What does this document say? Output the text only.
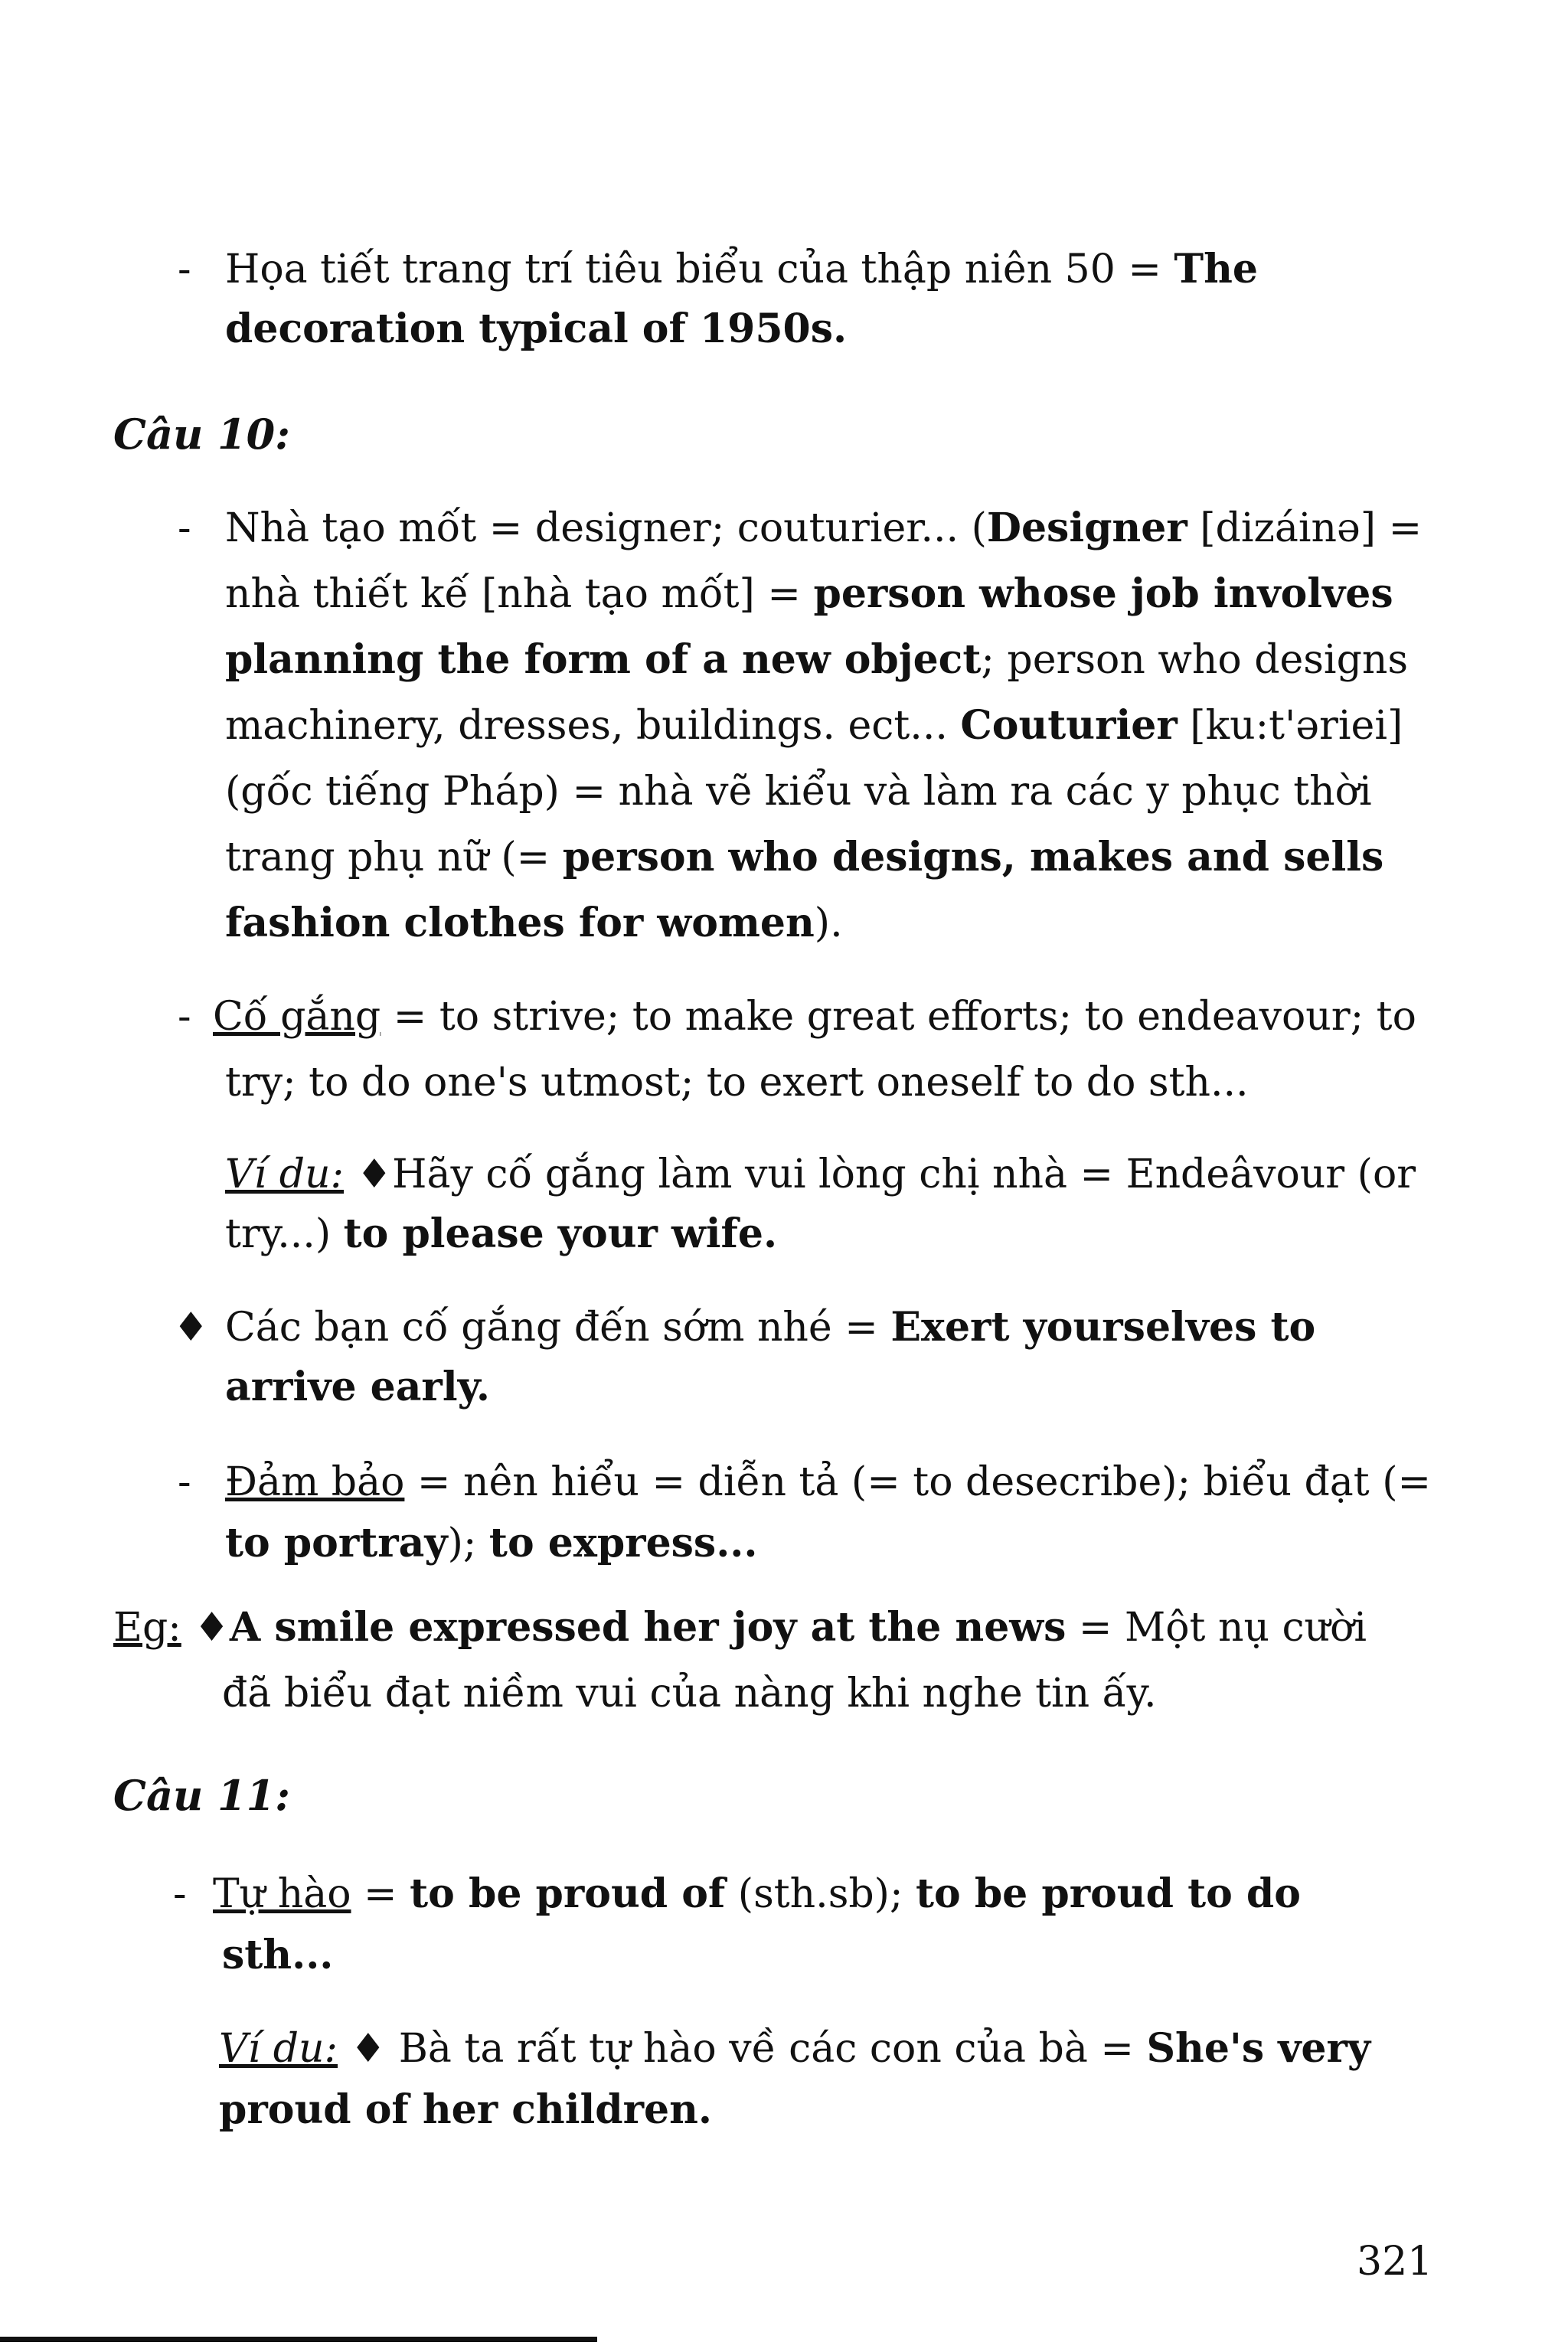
- Họa tiết trang trí tiêu biểu của thập niên 50 = The
decoration typical of 1950s.
Câu 10:
- Nhà tạo mốt = designer; couturier... (Designer [dizáinə] =
nhà thiết kế [nhà tạo mốt] = person whose job involves
planning the form of a new object; person who designs
machinery, dresses, buildings. ect... Couturier [ku:t'əriei]
(gốc tiếng Pháp) = nhà vẽ kiểu và làm ra các y phục thời
trang phụ nữ (= person who designs, makes and sells
fashion clothes for women).
- Cố gắng = to strive; to make great efforts; to endeavour; to
try; to do one's utmost; to exert oneself to do sth...
Ví du: ♦Hãy cố gắng làm vui lòng chị nhà = Endeâvour (or
try...) to please your wife.
♦ Các bạn cố gắng đến sớm nhé = Exert yourselves to
arrive early.
- Đảm bảo = nên hiểu = diễn tả (= to desecribe); biểu đạt (=
to portray); to express...
Eg: ♦A smile expressed her joy at the news = Một nụ cười
đã biểu đạt niềm vui của nàng khi nghe tin ấy.
Câu 11:
- Tự hào = to be proud of (sth.sb); to be proud to do
sth...
Ví du: ♦ Bà ta rất tự hào về các con của bà = She's very
proud of her children.
321
